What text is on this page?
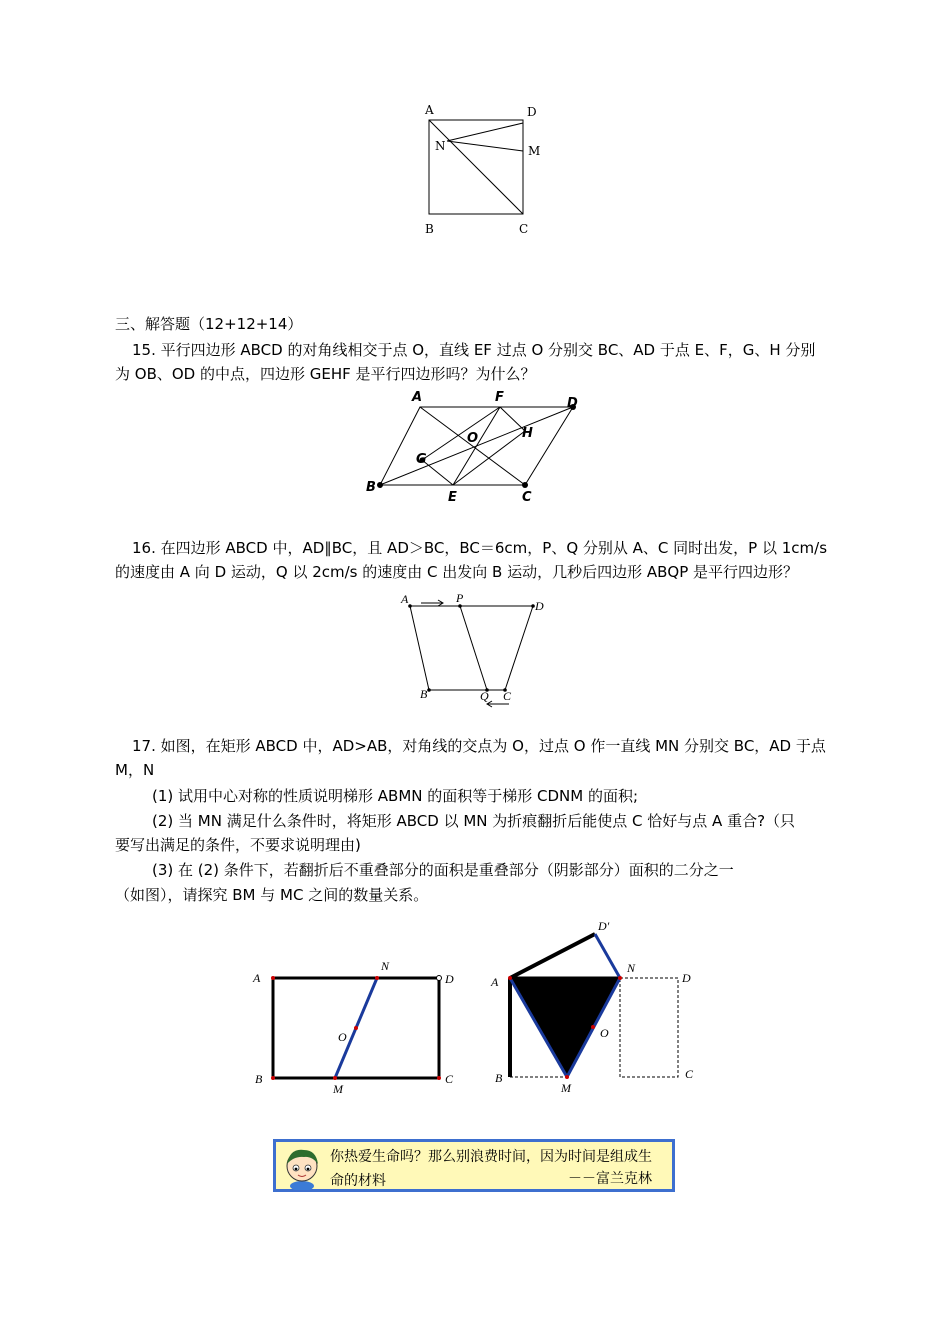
A	D
N	M
B	C
三、解答题（12+12+14）
15. 平行四边形 ABCD 的对角线相交于点 O，直线 EF 过点 O 分别交 BC、AD 于点 E、F，G、H 分别
为 OB、OD 的中点，四边形 GEHF 是平行四边形吗？为什么？
A	F	D
O	H
G
B
E	C
16. 在四边形 ABCD 中，AD∥BC，且 AD＞BC，BC＝6cm，P、Q 分别从 A、C 同时出发，P 以 1cm/s
的速度由 A 向 D 运动，Q 以 2cm/s 的速度由 C 出发向 B 运动，几秒后四边形 ABQP 是平行四边形？
A	P
D
B	Q C
17. 如图，在矩形 ABCD 中，AD>AB，对角线的交点为 O，过点 O 作一直线 MN 分别交 BC，AD 于点
M，N
(1) 试用中心对称的性质说明梯形 ABMN 的面积等于梯形 CDNM 的面积;
(2) 当 MN 满足什么条件时，将矩形 ABCD 以 MN 为折痕翻折后能使点 C 恰好与点 A 重合?（只
要写出满足的条件，不要求说明理由)
(3) 在 (2) 条件下，若翻折后不重叠部分的面积是重叠部分（阴影部分）面积的二分之一
（如图），请探究 BM 与 MC 之间的数量关系。
A
N
D
O
B
M
C
D′
A
N
D
O
B
M
C
你热爱生命吗？那么别浪费时间，因为时间是组成生
命的材料	－－富兰克林
